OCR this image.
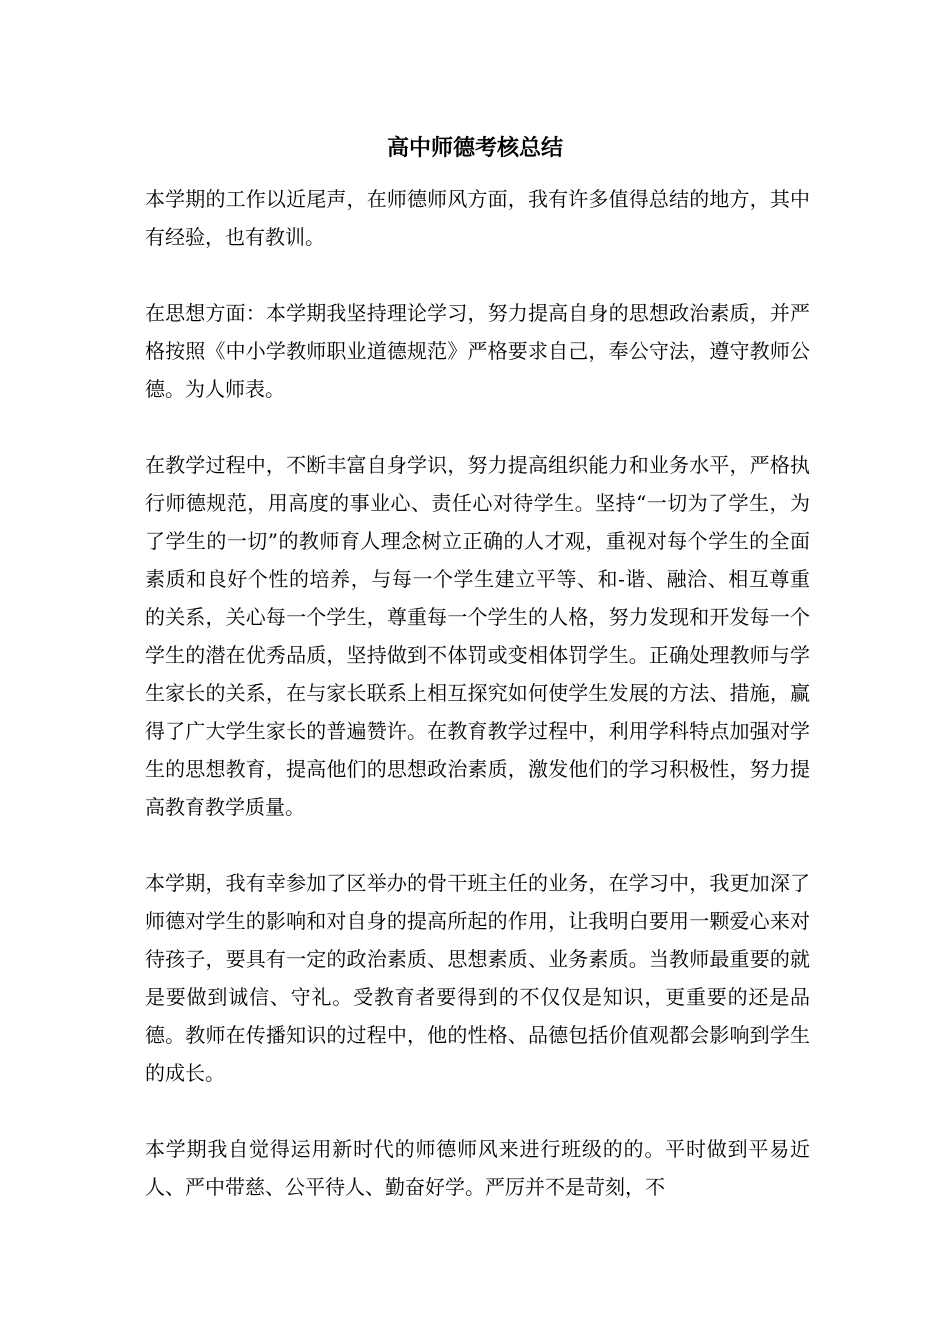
高中师德考核总结

本学期的工作以近尾声，在师德师风方面，我有许多值得总结的地方，其中有经验，也有教训。

在思想方面：本学期我坚持理论学习，努力提高自身的思想政治素质，并严格按照《中小学教师职业道德规范》严格要求自己，奉公守法，遵守教师公德。为人师表。

在教学过程中，不断丰富自身学识，努力提高组织能力和业务水平，严格执行师德规范，用高度的事业心、责任心对待学生。坚持“一切为了学生，为了学生的一切”的教师育人理念树立正确的人才观，重视对每个学生的全面素质和良好个性的培养，与每一个学生建立平等、和-谐、融洽、相互尊重的关系，关心每一个学生，尊重每一个学生的人格，努力发现和开发每一个学生的潜在优秀品质，坚持做到不体罚或变相体罚学生。正确处理教师与学生家长的关系，在与家长联系上相互探究如何使学生发展的方法、措施，赢得了广大学生家长的普遍赞许。在教育教学过程中，利用学科特点加强对学生的思想教育，提高他们的思想政治素质，激发他们的学习积极性，努力提高教育教学质量。

本学期，我有幸参加了区举办的骨干班主任的业务，在学习中，我更加深了师德对学生的影响和对自身的提高所起的作用，让我明白要用一颗爱心来对待孩子，要具有一定的政治素质、思想素质、业务素质。当教师最重要的就是要做到诚信、守礼。受教育者要得到的不仅仅是知识，更重要的还是品德。教师在传播知识的过程中，他的性格、品德包括价值观都会影响到学生的成长。

本学期我自觉得运用新时代的师德师风来进行班级的的。平时做到平易近人、严中带慈、公平待人、勤奋好学。严厉并不是苛刻，不
